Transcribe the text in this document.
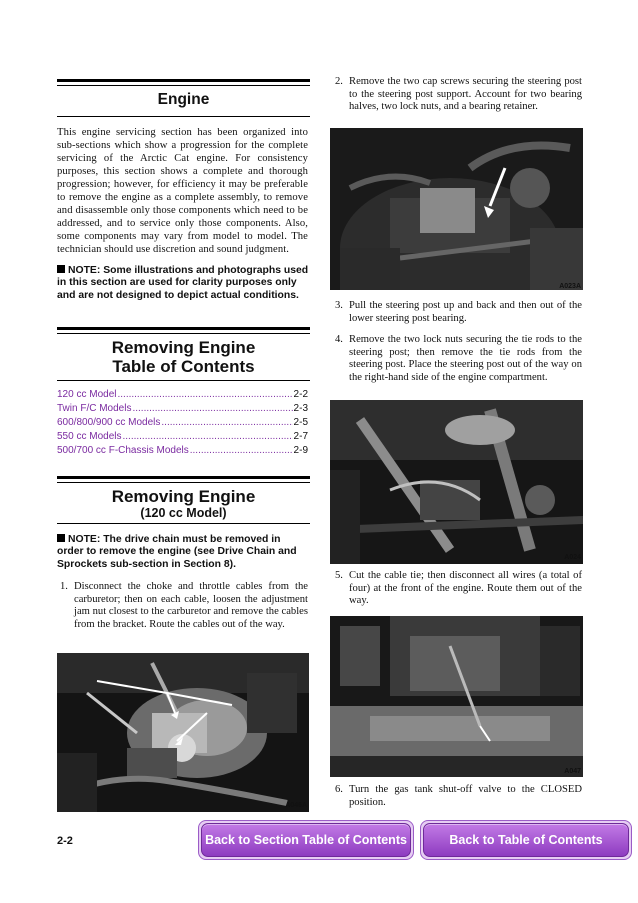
Engine
This engine servicing section has been organized into sub-sections which show a progression for the complete servicing of the Arctic Cat engine. For consistency purposes, this section shows a complete and thorough progression; however, for efficiency it may be preferable to remove the engine as a complete assembly, to remove and disassemble only those components which need to be addressed, and to service only those components. Also, some components may vary from model to model. The technician should use discretion and sound judgment.
NOTE: Some illustrations and photographs used in this section are used for clarity purposes only and are not designed to depict actual conditions.
Removing Engine
Table of Contents
120 cc Model .....	2-2
Twin F/C Models .....	2-3
600/800/900 cc Models .....	2-5
550 cc Models .....	2-7
500/700 cc F-Chassis Models .....	2-9
Removing Engine
(120 cc Model)
NOTE: The drive chain must be removed in order to remove the engine (see Drive Chain and Sprockets sub-section in Section 8).
1. Disconnect the choke and throttle cables from the carburetor; then on each cable, loosen the adjustment jam nut closest to the carburetor and remove the cables from the bracket. Route the cables out of the way.
A046A
2. Remove the two cap screws securing the steering post to the steering post support. Account for two bearing halves, two lock nuts, and a bearing retainer.
A023A
3. Pull the steering post up and back and then out of the lower steering post bearing.
4. Remove the two lock nuts securing the tie rods to the steering post; then remove the tie rods from the steering post. Place the steering post out of the way on the right-hand side of the engine compartment.
A024
5. Cut the cable tie; then disconnect all wires (a total of four) at the front of the engine. Route them out of the way.
A047
6. Turn the gas tank shut-off valve to the CLOSED position.
2-2	Back to Section Table of Contents	Back to Table of Contents
